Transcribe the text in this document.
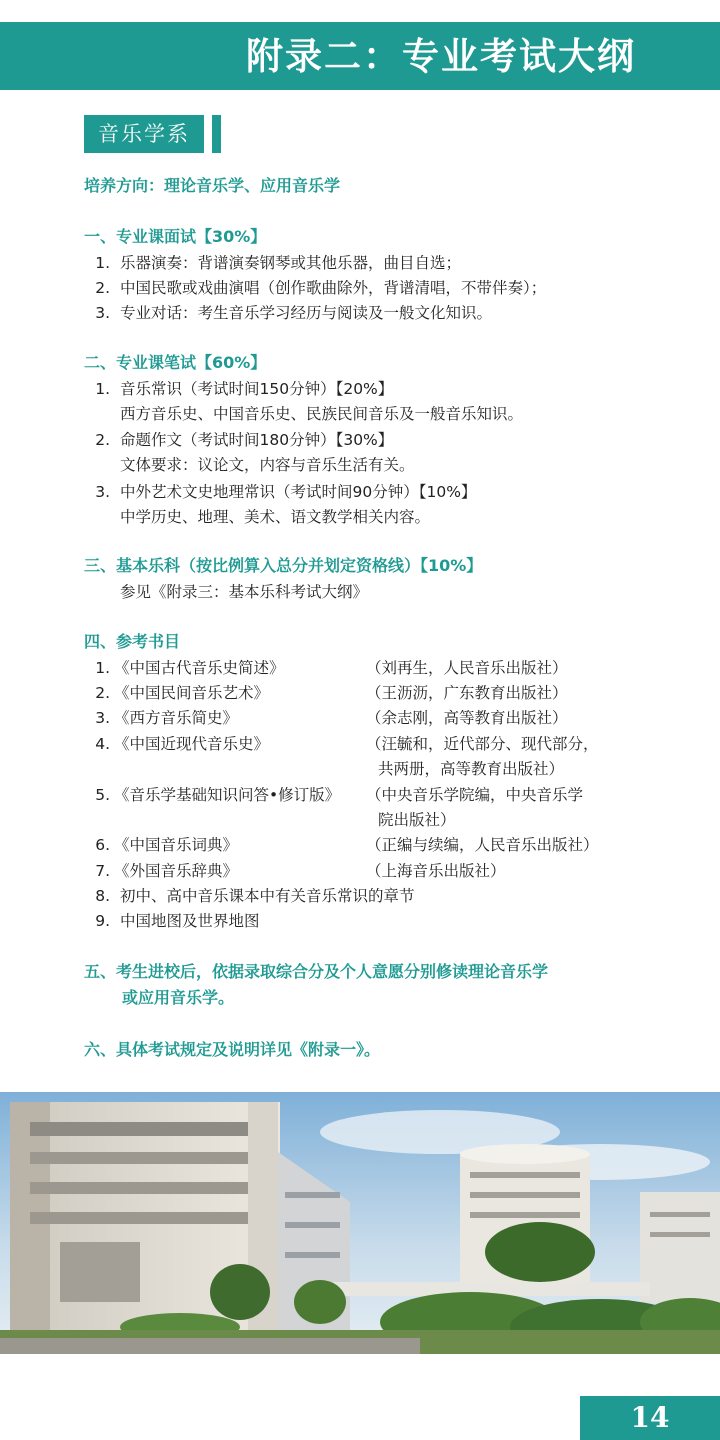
附录二：专业考试大纲
音乐学系
培养方向：理论音乐学、应用音乐学
一、专业课面试【30%】
1. 乐器演奏：背谱演奏钢琴或其他乐器，曲目自选；
2. 中国民歌或戏曲演唱（创作歌曲除外，背谱清唱，不带伴奏）；
3. 专业对话：考生音乐学习经历与阅读及一般文化知识。
二、专业课笔试【60%】
1. 音乐常识（考试时间150分钟）【20%】
西方音乐史、中国音乐史、民族民间音乐及一般音乐知识。
2. 命题作文（考试时间180分钟）【30%】
文体要求：议论文，内容与音乐生活有关。
3. 中外艺术文史地理常识（考试时间90分钟）【10%】
中学历史、地理、美术、语文教学相关内容。
三、基本乐科（按比例算入总分并划定资格线）【10%】
参见《附录三：基本乐科考试大纲》
四、参考书目
1. 《中国古代音乐史简述》	（刘再生，人民音乐出版社）
2. 《中国民间音乐艺术》	（王沥沥，广东教育出版社）
3. 《西方音乐简史》	（余志刚，高等教育出版社）
4. 《中国近现代音乐史》	（汪毓和，近代部分、现代部分，
共两册，高等教育出版社）
5. 《音乐学基础知识问答•修订版》 （中央音乐学院编，中央音乐学
院出版社）
6. 《中国音乐词典》	（正编与续编，人民音乐出版社）
7. 《外国音乐辞典》	（上海音乐出版社）
8. 初中、高中音乐课本中有关音乐常识的章节
9. 中国地图及世界地图
五、考生进校后，依据录取综合分及个人意愿分别修读理论音乐学
或应用音乐学。
六、具体考试规定及说明详见《附录一》。
14
